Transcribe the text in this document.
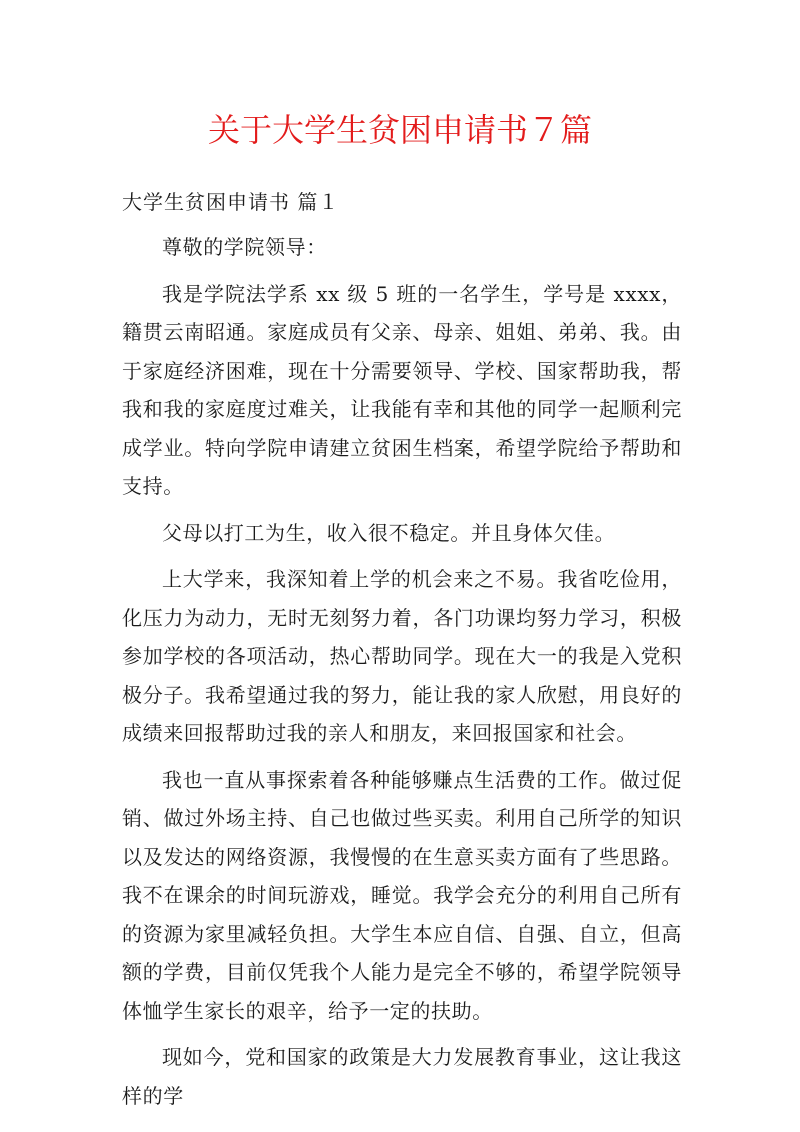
关于大学生贫困申请书７篇
大学生贫困申请书 篇１

尊敬的学院领导：

我是学院法学系 xx 级 5 班的一名学生，学号是 xxxx，籍贯云南昭通。家庭成员有父亲、母亲、姐姐、弟弟、我。由于家庭经济困难，现在十分需要领导、学校、国家帮助我，帮我和我的家庭度过难关，让我能有幸和其他的同学一起顺利完成学业。特向学院申请建立贫困生档案，希望学院给予帮助和支持。

父母以打工为生，收入很不稳定。并且身体欠佳。

上大学来，我深知着上学的机会来之不易。我省吃俭用，化压力为动力，无时无刻努力着，各门功课均努力学习，积极参加学校的各项活动，热心帮助同学。现在大一的我是入党积极分子。我希望通过我的努力，能让我的家人欣慰，用良好的成绩来回报帮助过我的亲人和朋友，来回报国家和社会。

我也一直从事探索着各种能够赚点生活费的工作。做过促销、做过外场主持、自己也做过些买卖。利用自己所学的知识以及发达的网络资源，我慢慢的在生意买卖方面有了些思路。我不在课余的时间玩游戏，睡觉。我学会充分的利用自己所有的资源为家里减轻负担。大学生本应自信、自强、自立，但高额的学费，目前仅凭我个人能力是完全不够的，希望学院领导体恤学生家长的艰辛，给予一定的扶助。

现如今，党和国家的政策是大力发展教育事业，这让我这样的学
